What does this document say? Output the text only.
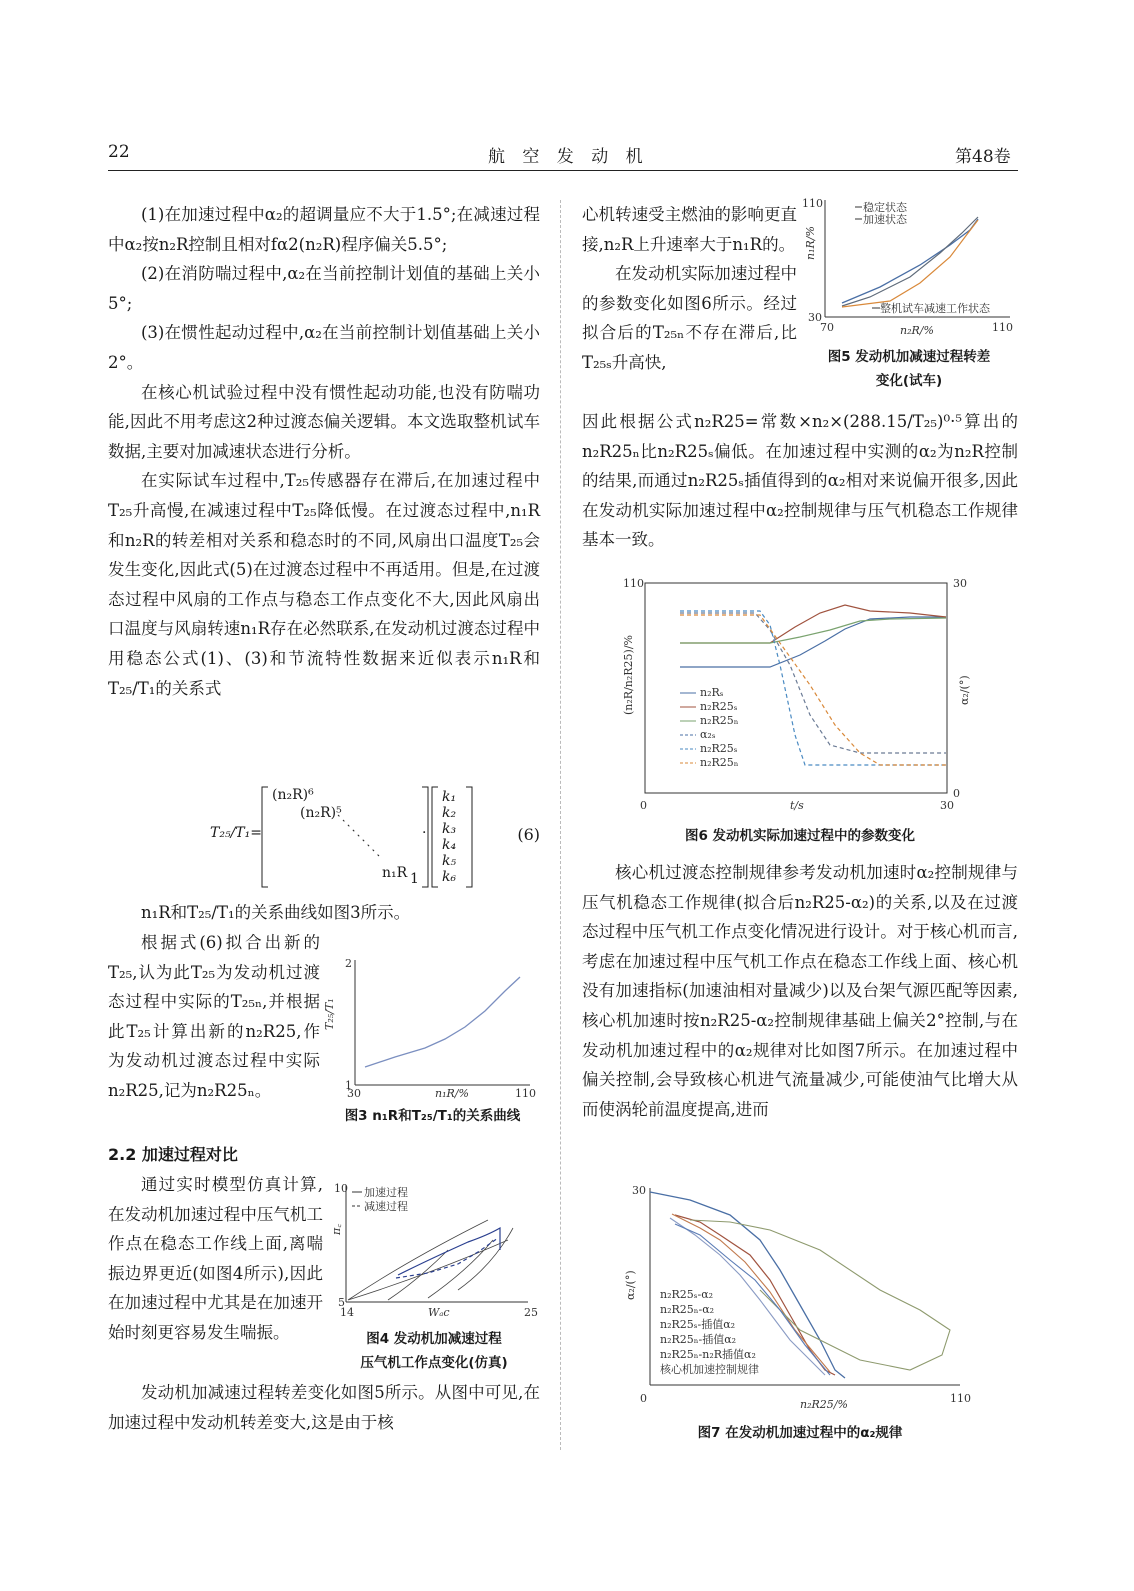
22	航 空 发 动 机	第48卷

(1)在加速过程中α₂的超调量应不大于1.5°;在减速过程中α₂按n₂R控制且相对fα2(n₂R)程序偏关5.5°;

(2)在消防喘过程中,α₂在当前控制计划值的基础上关小5°;

(3)在惯性起动过程中,α₂在当前控制计划值基础上关小2°。

在核心机试验过程中没有惯性起动功能,也没有防喘功能,因此不用考虑这2种过渡态偏关逻辑。本文选取整机试车数据,主要对加减速状态进行分析。

在实际试车过程中,T₂₅传感器存在滞后,在加速过程中T₂₅升高慢,在减速过程中T₂₅降低慢。在过渡态过程中,n₁R和n₂R的转差相对关系和稳态时的不同,风扇出口温度T₂₅会发生变化,因此式(5)在过渡态过程中不再适用。但是,在过渡态过程中风扇的工作点与稳态工作点变化不大,因此风扇出口温度与风扇转速n₁R存在必然联系,在发动机过渡态过程中用稳态公式(1)、(3)和节流特性数据来近似表示n₁R和T₂₅/T₁的关系式

T₂₅/T₁=
(n₂R)⁶
(n₂R)⁵
n₁R 1
·
k₁
k₂
k₃
k₄
k₅
k₆
(6)

n₁R和T₂₅/T₁的关系曲线如图3所示。

根据式(6)拟合出新的T₂₅,认为此T₂₅为发动机过渡态过程中实际的T₂₅ₙ,并根据此T₂₅计算出新的n₂R25,作为发动机过渡态过程中实际n₂R25,记为n₂R25ₙ。

2
1
30	110
n₁R/%
T₂₅/T₁
图3 n₁R和T₂₅/T₁的关系曲线

2.2 加速过程对比

通过实时模型仿真计算,在发动机加速过程中压气机工作点在稳态工作线上面,离喘振边界更近(如图4所示),因此在加速过程中尤其是在加速开始时刻更容易发生喘振。

10
5
14	25
Wₐc
π꜀
加速过程
减速过程
图4 发动机加减速过程
压气机工作点变化(仿真)

发动机加减速过程转差变化如图5所示。从图中可见,在加速过程中发动机转差变大,这是由于核

心机转速受主燃油的影响更直接,n₂R上升速率大于n₁R的。

在发动机实际加速过程中的参数变化如图6所示。经过拟合后的T₂₅ₙ不存在滞后,比T₂₅ₛ升高快,

110
30
70	110
n₂R/%
n₁R/%
稳定状态
加速状态
整机试车减速工作状态
图5 发动机加减速过程转差
变化(试车)

因此根据公式n₂R25=常数×n₂×(288.15/T₂₅)⁰·⁵算出的n₂R25ₙ比n₂R25ₛ偏低。在加速过程中实测的α₂为n₂R控制的结果,而通过n₂R25ₛ插值得到的α₂相对来说偏开很多,因此在发动机实际加速过程中α₂控制规律与压气机稳态工作规律基本一致。

110	30
0
0	30
t/s
(n₂R/n₂R25)/%	α₂/(°)
n₂Rₛ
n₂R25ₛ
n₂R25ₙ
α₂ₛ
n₂R25ₛ
n₂R25ₙ
图6 发动机实际加速过程中的参数变化

核心机过渡态控制规律参考发动机加速时α₂控制规律与压气机稳态工作规律(拟合后n₂R25-α₂)的关系,以及在过渡态过程中压气机工作点变化情况进行设计。对于核心机而言,考虑在加速过程中压气机工作点在稳态工作线上面、核心机没有加速指标(加速油相对量减少)以及台架气源匹配等因素,核心机加速时按n₂R25-α₂控制规律基础上偏关2°控制,与在发动机加速过程中的α₂规律对比如图7所示。在加速过程中偏关控制,会导致核心机进气流量减少,可能使油气比增大从而使涡轮前温度提高,进而

30
0	110
n₂R25/%
α₂/(°) n₂R25ₛ-α₂
n₂R25ₙ-α₂
n₂R25ₛ-插值α₂
n₂R25ₙ-插值α₂
n₂R25ₙ-n₂R插值α₂
核心机加速控制规律
图7 在发动机加速过程中的α₂规律
